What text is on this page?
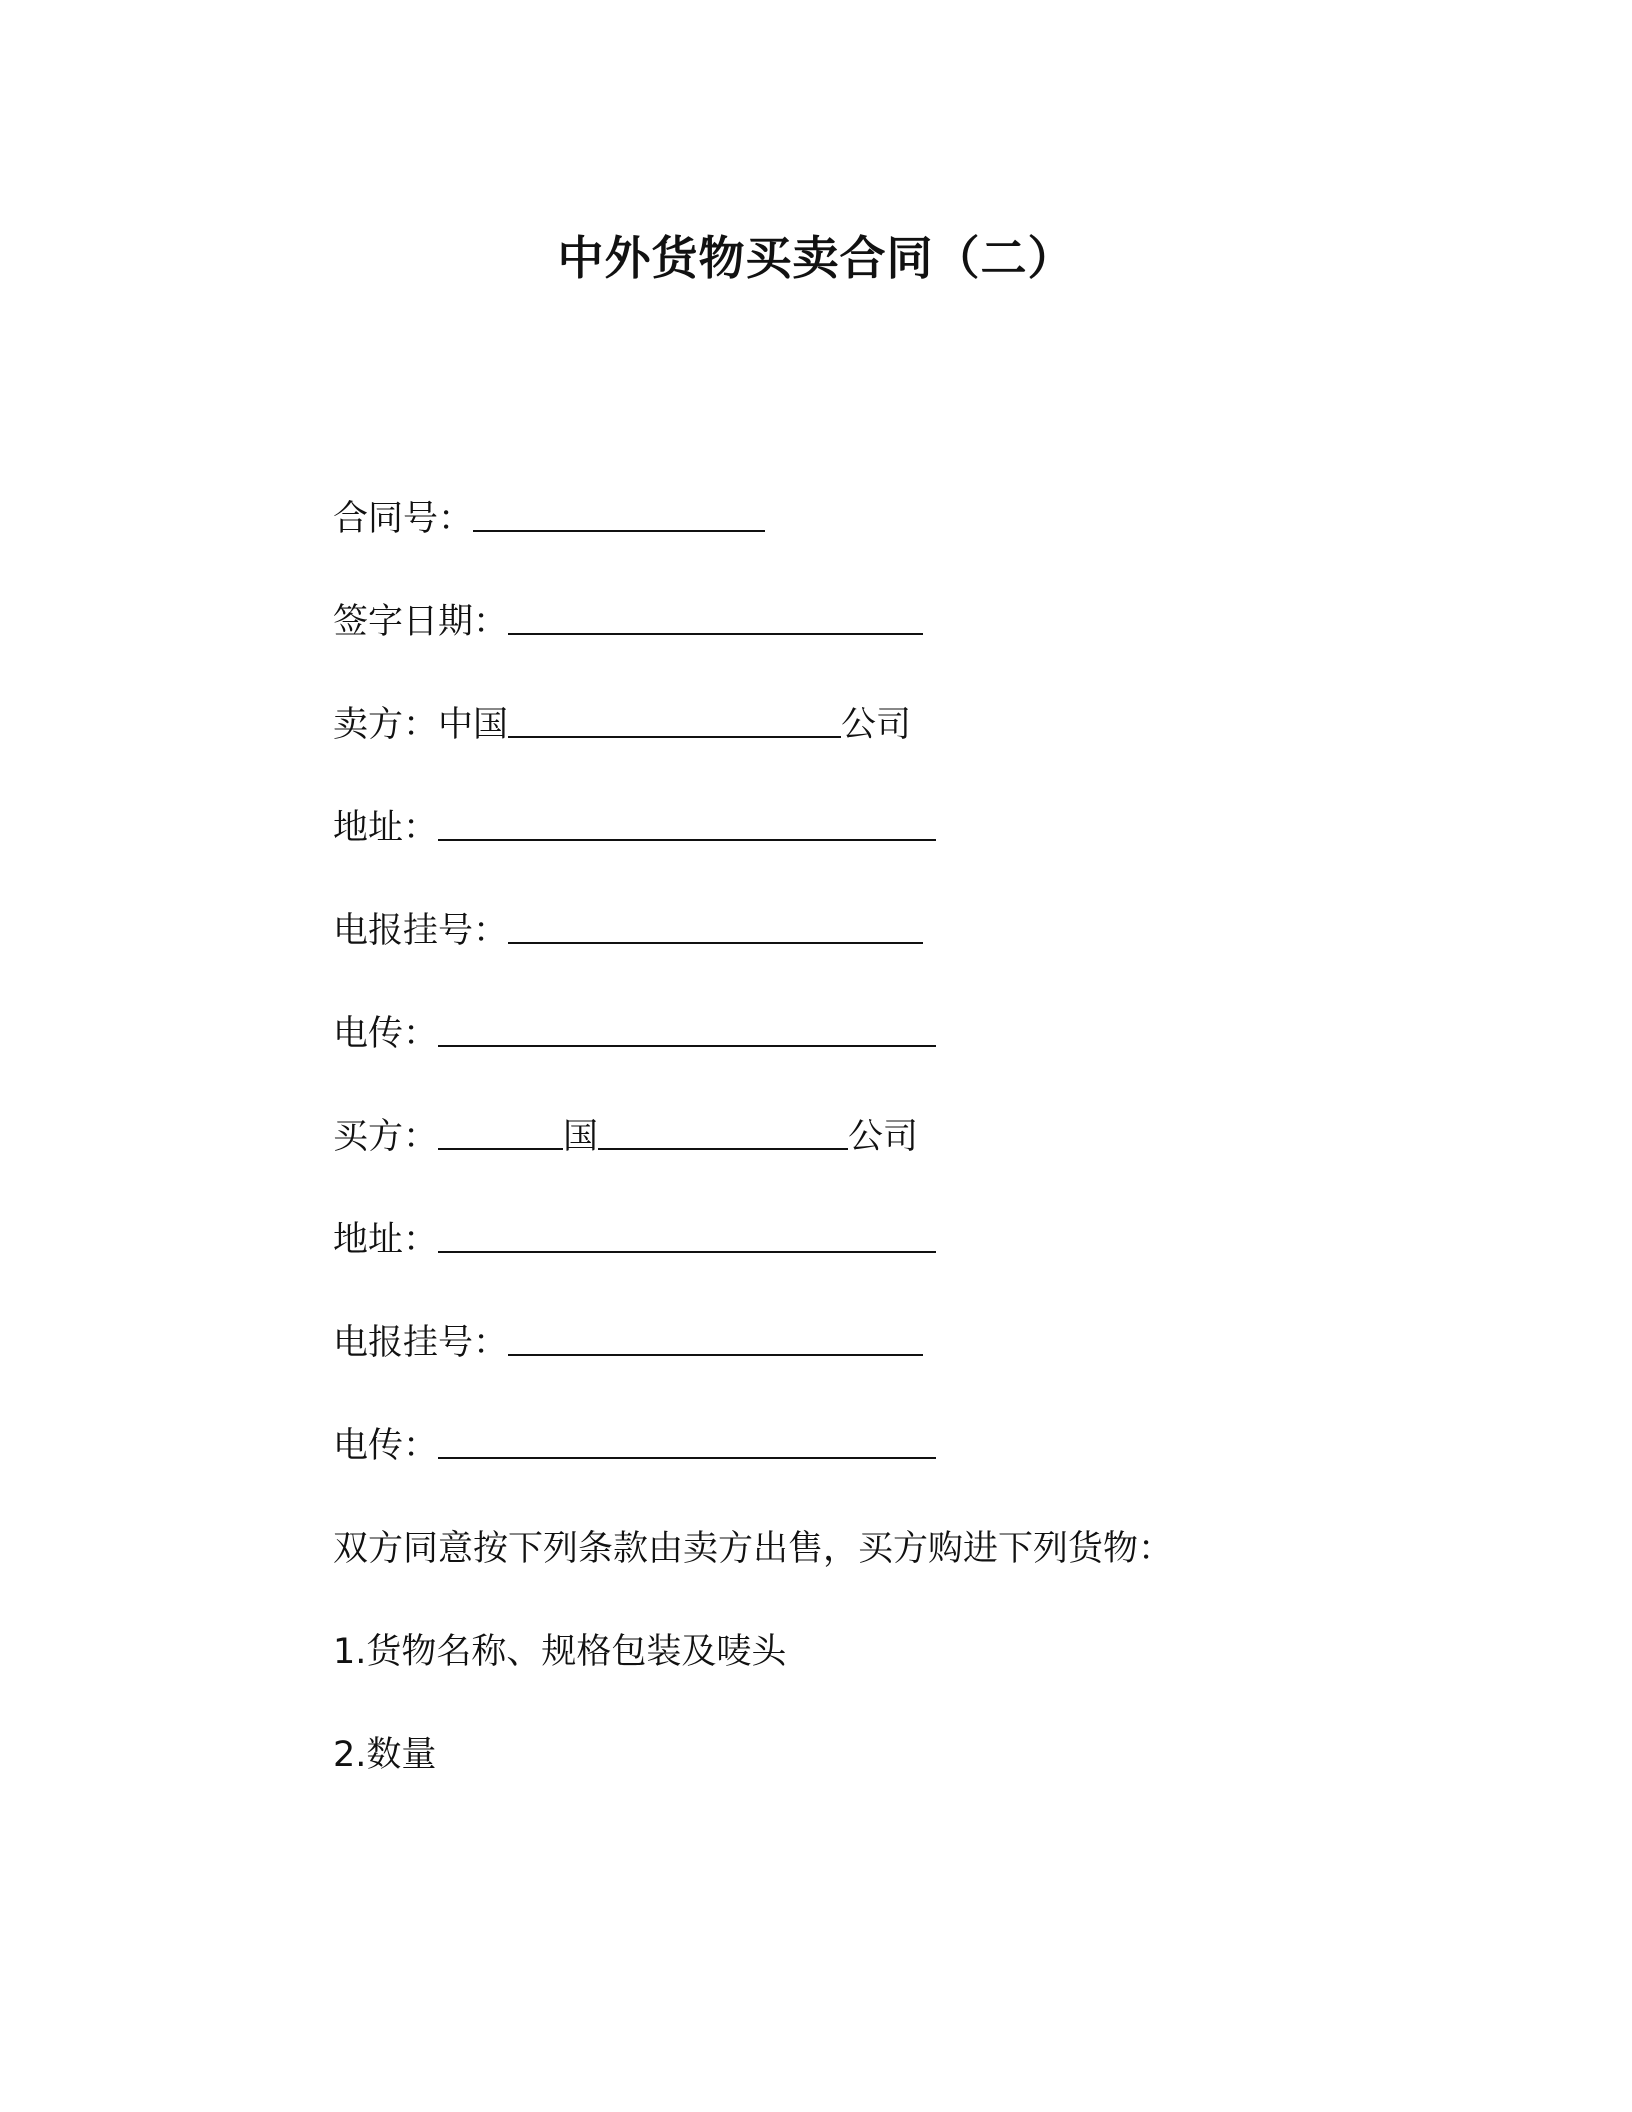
中外货物买卖合同（二）
合同号：
签字日期：
卖方：中国	公司
地址：
电报挂号：
电传：
买方：	国	公司
地址：
电报挂号：
电传：
双方同意按下列条款由卖方出售，买方购进下列货物：
1.货物名称、规格包装及唛头
2.数量
